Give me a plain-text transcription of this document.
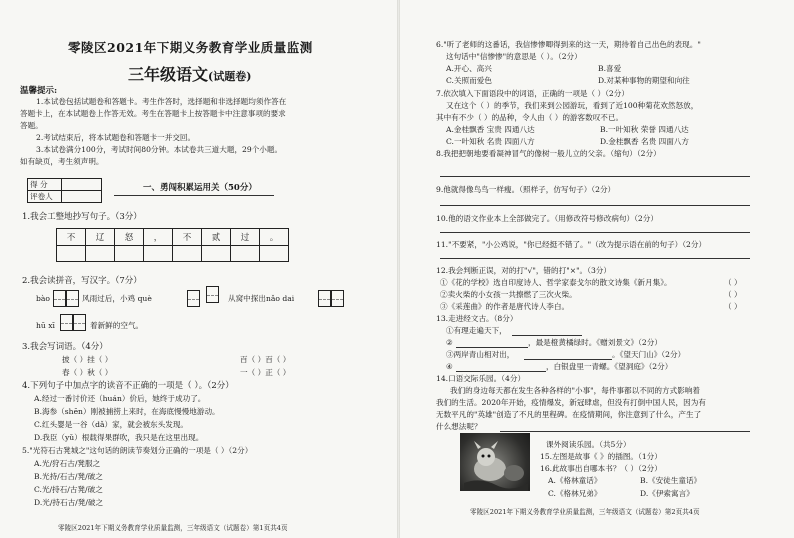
零陵区2021年下期义务教育学业质量监测
三年级语文(试题卷)
温馨提示:
1.本试卷包括试题卷和答题卡。考生作答时，选择题和非选择题均须作答在
答题卡上，在本试题卷上作答无效。考生在答题卡上按答题卡中注意事项的要求
答题。
2.考试结束后，将本试题卷和答题卡一并交回。
3.本试卷满分100分，考试时间80分钟。本试卷共三道大题，29个小题。
如有缺页，考生须声明。
得 分	
评卷人	
一、勇闯积累运用关（50分）
1.我会工整地抄写句子。（3分）
不	辽	怒	，	不	贰	过	。

2.我会读拼音，写汉字。（7分）
bào	风雨过后，小鸡 què	从窝中探出nǎo dai
hū xī	着新鲜的空气。
3.我会写词语。（4分）
披（ ）挂（ ）	百（ ）百（ ）
春（ ）秋（ ）	一（ ）正（ ）
4.下列句子中加点字的读音不正确的一项是（ ）。（2分）
A.经过一番讨价还（huán）价后，她终于成功了。
B.海参（shēn）刚被捕捞上来时，在海底慢慢地游动。
C.红头婴是一谷（dǎ）家，就会被东头发现。
D.我臣（yǔ）根载得果群吹，我只是在这里出现。
5."光符石古凳城之"这句话的朗读节奏划分正确的一项是（ ）（2分）
A.光/狩石古/凳服之
B.光持/石古/凳/破之
C.光/持石/古凳/破之
D.光/持石古/凳/破之
零陵区2021年下期义务教育学业质量监测，三年级语文（试题卷）第1页共4页
6."听了老师的这番话，我信惨惨唧得到来的这一天，期待着自己出色的表现。"
这句话中"信惨惨"的意思是（ ）。（2分）
A.开心、高兴	B.喜爱
C.关照而爱色	D.对某种事物的期望和向往
7.依次填入下面语段中的词语，正确的一项是（ ）（2分）
又在这个（ ）的季节，我们来到公园游玩，看到了近100种菊花欢然怒放，
其中有不少（ ）的品种，令人由（ ）的游客数叹不已。
A.金桂飘香 宝贵 四通八达	B.一叶知秋 荣誉 四通八达
C.一叶知秋 名贵 四面八方	D.金桂飘香 名贵 四面八方
8.我把把朝地要看凝神冒气的像树一般儿立的父亲。（缩句）（2分）
9.他就得像鸟鸟一样瘦。（照样子，仿写句子）（2分）
10.他的语文作业本上全部做完了。（用修改符号修改病句）（2分）
11."不要紧，"小公鸡说，"你已经挺不错了。"（改为提示语在前的句子）（2分）
12.我会判断正误，对的打"√"，错的打"×"。（3分）
①《花的学校》选自印度诗人、哲学家泰戈尔的散文诗集《新月集》。	（ ）
②卖火柴的小女孩一共擦燃了三次火柴。	（ ）
③《采莲曲》的作者是唐代诗人李白。	（ ）
13.走进经文古。（8分）
①有理走遍天下，
②	，最是橙黄橘绿时。《赠刘景文》（2分）
③两岸青山相对出，	。《望天门山》（2分）
④	，白银盘里一青螺。《望洞庭》（2分）
14.口语交际乐园。（4分）
我们的身边每天都在发生各种各样的"小事"，每件事都以不同的方式影响着
我们的生活。2020年开始，疫情爆发，新冠肆虐，但没有打倒中国人民，因为有
无数平凡的"英雄"创造了不凡的里程碑。在疫情期间，你注意到了什么，产生了
什么想法呢？
课外阅读乐园。（共5分）
15.左图是故事《 》的插图。（1分）
16.此故事出自哪本书？（ ）（2分）
A.《格林童话》	B.《安徒生童话》
C.《格林兄弟》	D.《伊索寓言》
零陵区2021年下期义务教育学业质量监测，三年级语文（试题卷）第2页共4页
